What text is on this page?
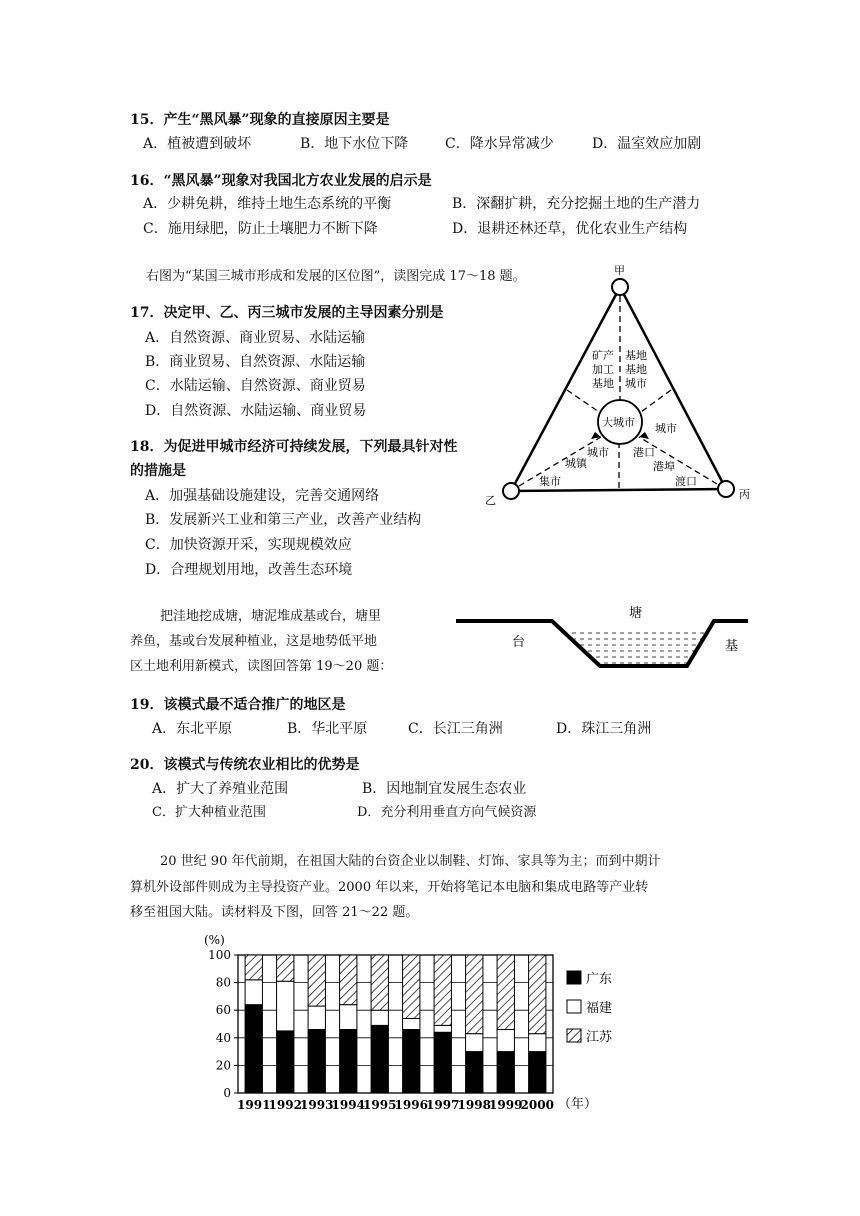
15．产生“黑风暴”现象的直接原因主要是
A．植被遭到破坏	B．地下水位下降	C．降水异常减少	D．温室效应加剧
16．“黑风暴”现象对我国北方农业发展的启示是
A．少耕免耕，维持土地生态系统的平衡	B．深翻扩耕，充分挖掘土地的生产潜力
C．施用绿肥，防止土壤肥力不断下降	D．退耕还林还草，优化农业生产结构
右图为“某国三城市形成和发展的区位图”，读图完成 17～18 题。
17．决定甲、乙、丙三城市发展的主导因素分别是
A．自然资源、商业贸易、水陆运输
B．商业贸易、自然资源、水陆运输
C．水陆运输、自然资源、商业贸易
D．自然资源、水陆运输、商业贸易
18．为促进甲城市经济可持续发展，下列最具针对性
的措施是
A．加强基础设施建设，完善交通网络
B．发展新兴工业和第三产业，改善产业结构
C．加快资源开采，实现规模效应
D．合理规划用地，改善生态环境
甲
乙	丙
大城市
矿产
加工
基地
基地
基地
城市
城市
城镇
城市 港口
港埠
集市	渡口
把洼地挖成塘，塘泥堆成基或台，塘里
养鱼，基或台发展种植业，这是地势低平地
区土地利用新模式，读图回答第 19～20 题：
塘
台	基
19．该模式最不适合推广的地区是
A．东北平原	B．华北平原	C．长江三角洲	D．珠江三角洲
20．该模式与传统农业相比的优势是
A．扩大了养殖业范围	B．因地制宜发展生态农业
C．扩大种植业范围	D．充分利用垂直方向气候资源
20 世纪 90 年代前期，在祖国大陆的台资企业以制鞋、灯饰、家具等为主；而到中期计
算机外设部件则成为主导投资产业。2000 年以来，开始将笔记本电脑和集成电路等产业转
移至祖国大陆。读材料及下图，回答 21～22 题。
(%)
0
20
40
60
80
100
1991
1992
1993
1994
1995
1996
1997
1998
1999
2000 （年）
广东
福建
江苏
